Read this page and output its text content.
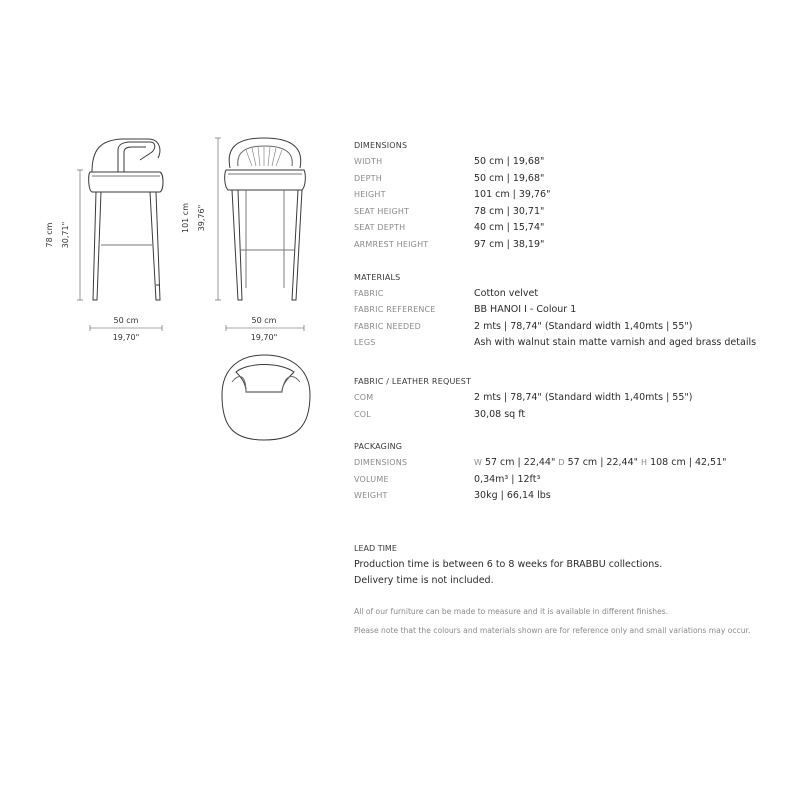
78 cm 30,71"
101 cm 39,76"
50 cm
19,70"
50 cm
19,70"
DIMENSIONS
WIDTH	50 cm | 19,68"
DEPTH	50 cm | 19,68"
HEIGHT	101 cm | 39,76"
SEAT HEIGHT	78 cm | 30,71"
SEAT DEPTH	40 cm | 15,74"
ARMREST HEIGHT	97 cm | 38,19"
MATERIALS
FABRIC	Cotton velvet
FABRIC REFERENCE	BB HANOI I - Colour 1
FABRIC NEEDED	2 mts | 78,74" (Standard width 1,40mts | 55")
LEGS	Ash with walnut stain matte varnish and aged brass details
FABRIC / LEATHER REQUEST
COM	2 mts | 78,74" (Standard width 1,40mts | 55")
COL	30,08 sq ft
PACKAGING
DIMENSIONS	W 57 cm | 22,44" D 57 cm | 22,44" H 108 cm | 42,51"
VOLUME	0,34m³ | 12ft³
WEIGHT	30kg | 66,14 lbs
LEAD TIME
Production time is between 6 to 8 weeks for BRABBU collections.
Delivery time is not included.
All of our furniture can be made to measure and it is available in different finishes.
Please note that the colours and materials shown are for reference only and small variations may occur.
